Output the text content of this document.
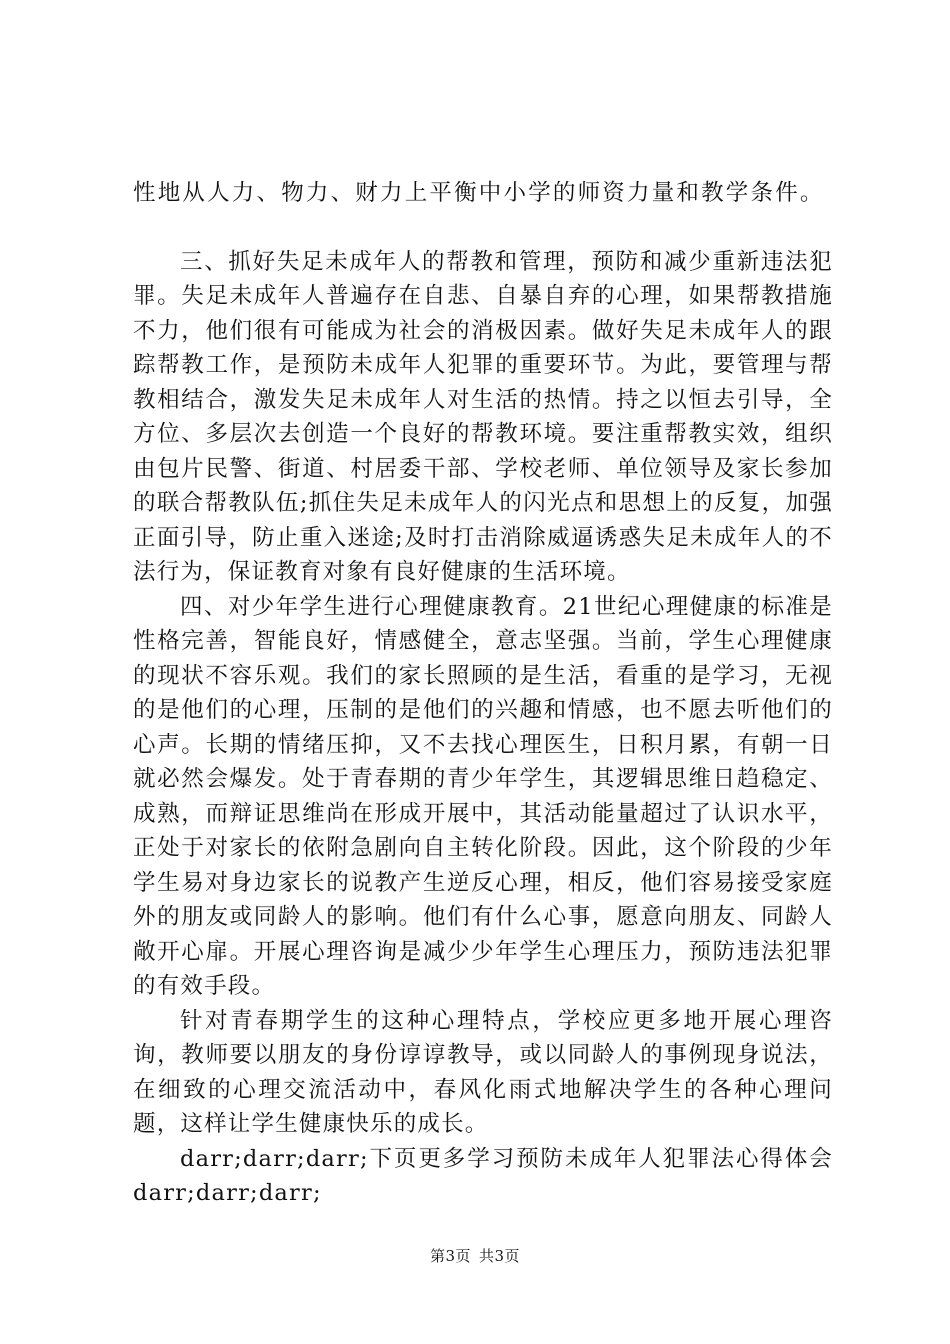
性地从人力、物力、财力上平衡中小学的师资力量和教学条件。

三、抓好失足未成年人的帮教和管理，预防和减少重新违法犯罪。失足未成年人普遍存在自悲、自暴自弃的心理，如果帮教措施不力，他们很有可能成为社会的消极因素。做好失足未成年人的跟踪帮教工作，是预防未成年人犯罪的重要环节。为此，要管理与帮教相结合，激发失足未成年人对生活的热情。持之以恒去引导，全方位、多层次去创造一个良好的帮教环境。要注重帮教实效，组织由包片民警、街道、村居委干部、学校老师、单位领导及家长参加的联合帮教队伍;抓住失足未成年人的闪光点和思想上的反复，加强正面引导，防止重入迷途;及时打击消除威逼诱惑失足未成年人的不法行为，保证教育对象有良好健康的生活环境。

四、对少年学生进行心理健康教育。21世纪心理健康的标准是性格完善，智能良好，情感健全，意志坚强。当前，学生心理健康的现状不容乐观。我们的家长照顾的是生活，看重的是学习，无视的是他们的心理，压制的是他们的兴趣和情感，也不愿去听他们的心声。长期的情绪压抑，又不去找心理医生，日积月累，有朝一日就必然会爆发。处于青春期的青少年学生，其逻辑思维日趋稳定、成熟，而辩证思维尚在形成开展中，其活动能量超过了认识水平，正处于对家长的依附急剧向自主转化阶段。因此，这个阶段的少年学生易对身边家长的说教产生逆反心理，相反，他们容易接受家庭外的朋友或同龄人的影响。他们有什么心事，愿意向朋友、同龄人敞开心扉。开展心理咨询是减少少年学生心理压力，预防违法犯罪的有效手段。

针对青春期学生的这种心理特点，学校应更多地开展心理咨询，教师要以朋友的身份谆谆教导，或以同龄人的事例现身说法，在细致的心理交流活动中，春风化雨式地解决学生的各种心理问题，这样让学生健康快乐的成长。

darr;darr;darr;下页更多学习预防未成年人犯罪法心得体会 darr;darr;darr;

第3页 共3页
